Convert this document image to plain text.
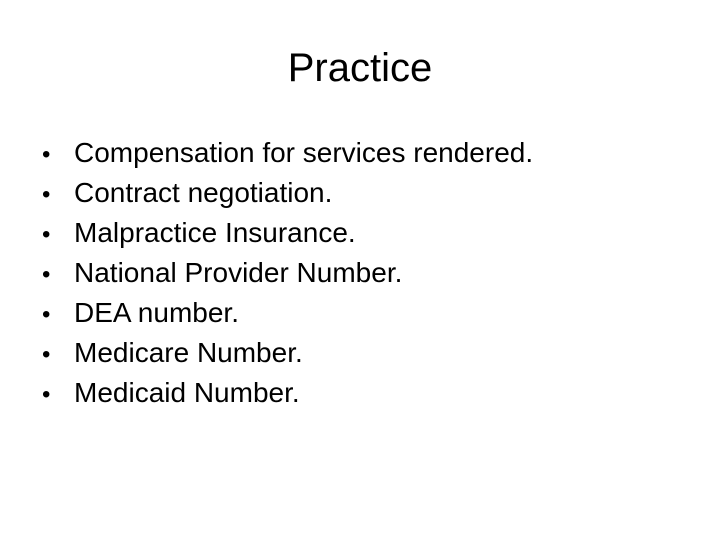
Practice
• Compensation for services rendered.
• Contract negotiation.
• Malpractice Insurance.
• National Provider Number.
• DEA number.
• Medicare Number.
• Medicaid Number.
